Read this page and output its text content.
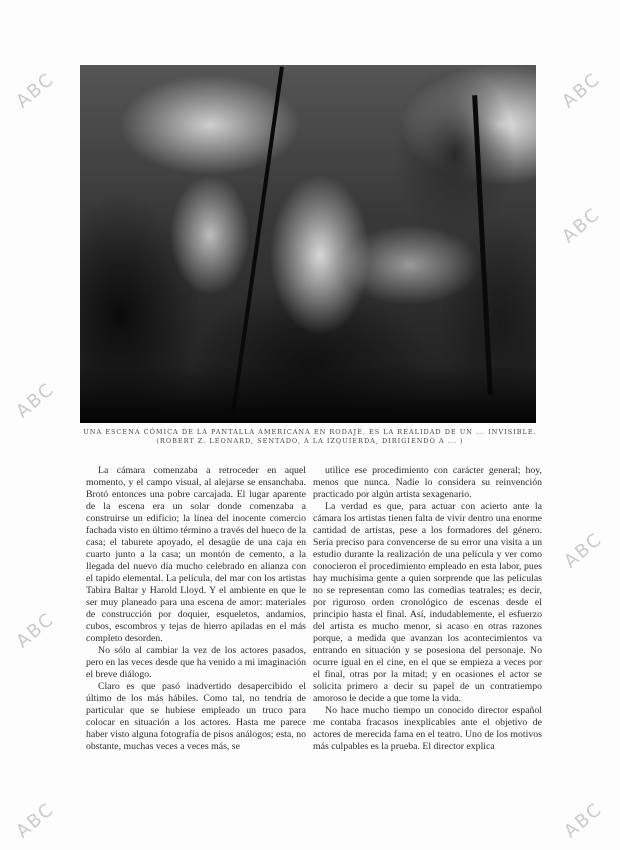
UNA ESCENA CÓMICA DE LA PANTALLA AMERICANA EN RODAJE. ES LA REALIDAD DE UN ... INVISIBLE. (ROBERT Z. LEONARD, SENTADO, A LA IZQUIERDA, DIRIGIENDO A ... )

La cámara comenzaba a retroceder en aquel momento, y el campo visual, al alejarse se ensanchaba. Brotó entonces una pobre carcajada. El lugar aparente de la escena era un solar donde comenzaba a construirse un edificio; la línea del inocente comercio fachada visto en último término a través del hueco de la casa; el taburete apoyado, el desagüe de una caja en cuarto junto a la casa; un montón de cemento, a la llegada del nuevo día mucho celebrado en alianza con el tapido elemental. La película, del mar con los artistas Tabira Baltar y Harold Lloyd. Y el ambiente en que le ser muy planeado para una escena de amor: materiales de construcción por doquier, esqueletos, andamios, cubos, escombros y tejas de hierro apiladas en el más completo desorden.

No sólo al cambiar la vez de los actores pasados, pero en las veces desde que ha venido a mi imaginación el breve diálogo.

Claro es que pasó inadvertido desapercibido el último de los más hábiles. Como tal, no tendría de particular que se hubiese empleado un truco para colocar en situación a los actores. Hasta me parece haber visto alguna fotografía de pisos análogos; esta, no obstante, muchas veces a veces más, se

utilice ese procedimiento con carácter general; hoy, menos que nunca. Nadie lo considera su reinvención practicado por algún artista sexagenario.

La verdad es que, para actuar con acierto ante la cámara los artistas tienen falta de vivir dentro una enorme cantidad de artistas, pese a los formadores del género. Sería preciso para convencerse de su error una visita a un estudio durante la realización de una película y ver como conocieron el procedimiento empleado en esta labor, pues hay muchísima gente a quien sorprende que las películas no se representan como las comedias teatrales; es decir, por riguroso orden cronológico de escenas desde el principio hasta el final. Así, indudablemente, el esfuerzo del artista es mucho menor, si acaso en otras razones porque, a medida que avanzan los acontecimientos va entrando en situación y se posesiona del personaje. No ocurre igual en el cine, en el que se empieza a veces por el final, otras por la mitad; y en ocasiones el actor se solicita primero a decir su papel de un contratiempo amoroso le decide a que tome la vida.

No hace mucho tiempo un conocido director español me contaba fracasos inexplicables ante el objetivo de actores de merecida fama en el teatro. Uno de los motivos más culpables es la prueba. El director explica

ABC	ABC
ABC
ABC
ABC
ABC
ABC	ABC
